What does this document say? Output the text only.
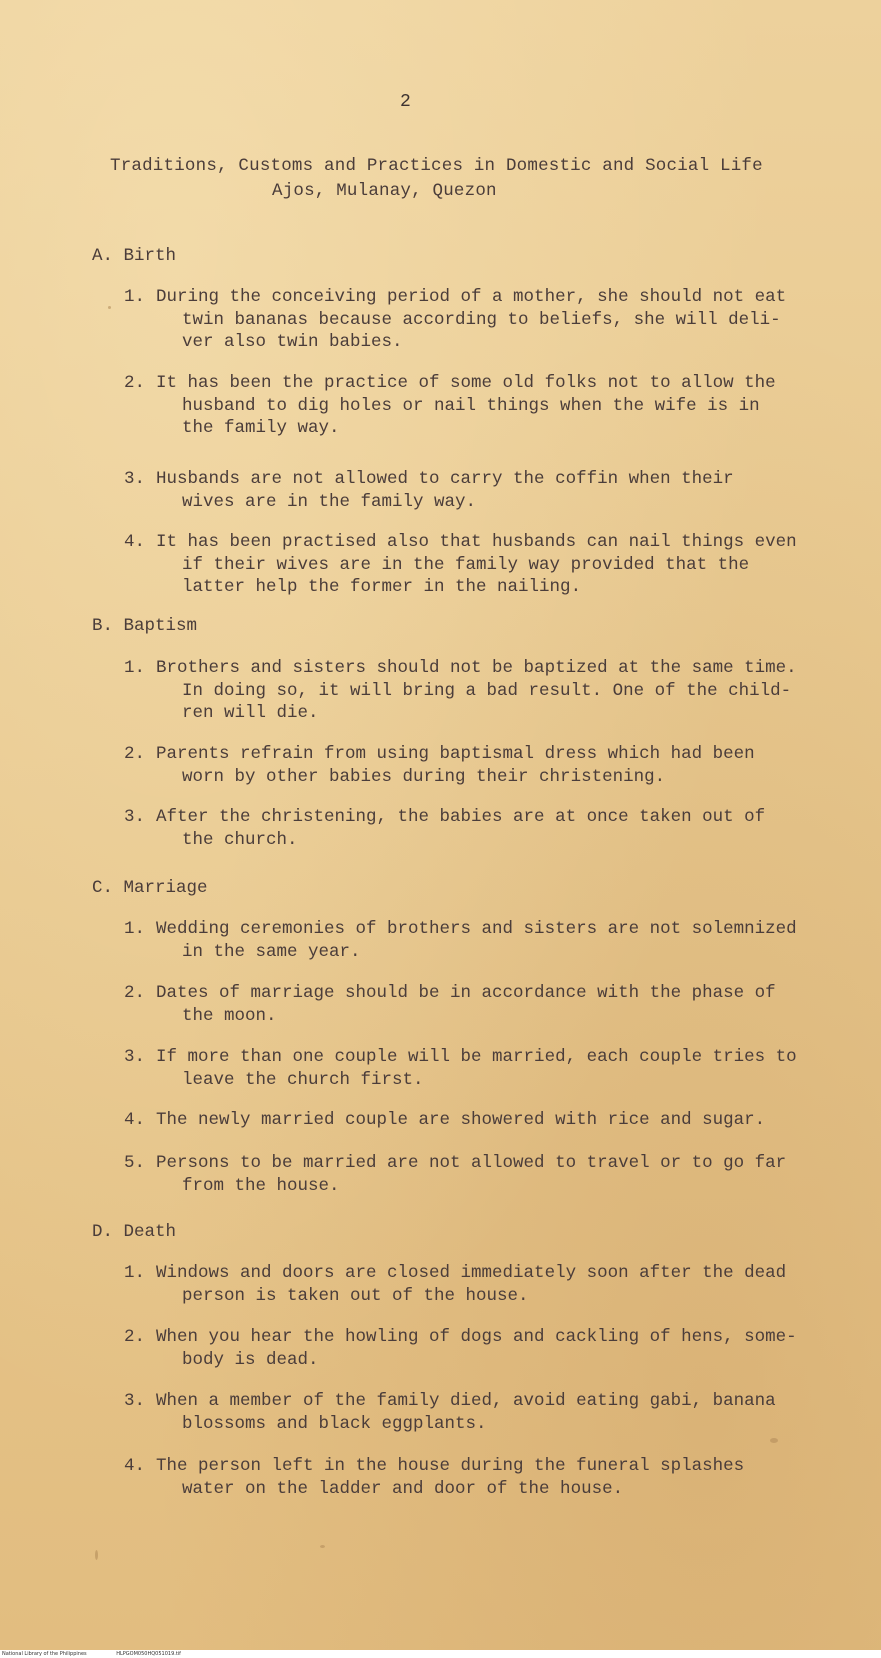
2
Traditions, Customs and Practices in Domestic and Social Life
Ajos, Mulanay, Quezon
A. Birth
1. During the conceiving period of a mother, she should not eat
twin bananas because according to beliefs, she will deli-
ver also twin babies.
2. It has been the practice of some old folks not to allow the
husband to dig holes or nail things when the wife is in
the family way.
3. Husbands are not allowed to carry the coffin when their
wives are in the family way.
4. It has been practised also that husbands can nail things even
if their wives are in the family way provided that the
latter help the former in the nailing.
B. Baptism
1. Brothers and sisters should not be baptized at the same time.
In doing so, it will bring a bad result. One of the child-
ren will die.
2. Parents refrain from using baptismal dress which had been
worn by other babies during their christening.
3. After the christening, the babies are at once taken out of
the church.
C. Marriage
1. Wedding ceremonies of brothers and sisters are not solemnized
in the same year.
2. Dates of marriage should be in accordance with the phase of
the moon.
3. If more than one couple will be married, each couple tries to
leave the church first.
4. The newly married couple are showered with rice and sugar.
5. Persons to be married are not allowed to travel or to go far
from the house.
D. Death
1. Windows and doors are closed immediately soon after the dead
person is taken out of the house.
2. When you hear the howling of dogs and cackling of hens, some-
body is dead.
3. When a member of the family died, avoid eating gabi, banana
blossoms and black eggplants.
4. The person left in the house during the funeral splashes
water on the ladder and door of the house.
National Library of the Philippines	HLPGOM050HQ051019.tif
